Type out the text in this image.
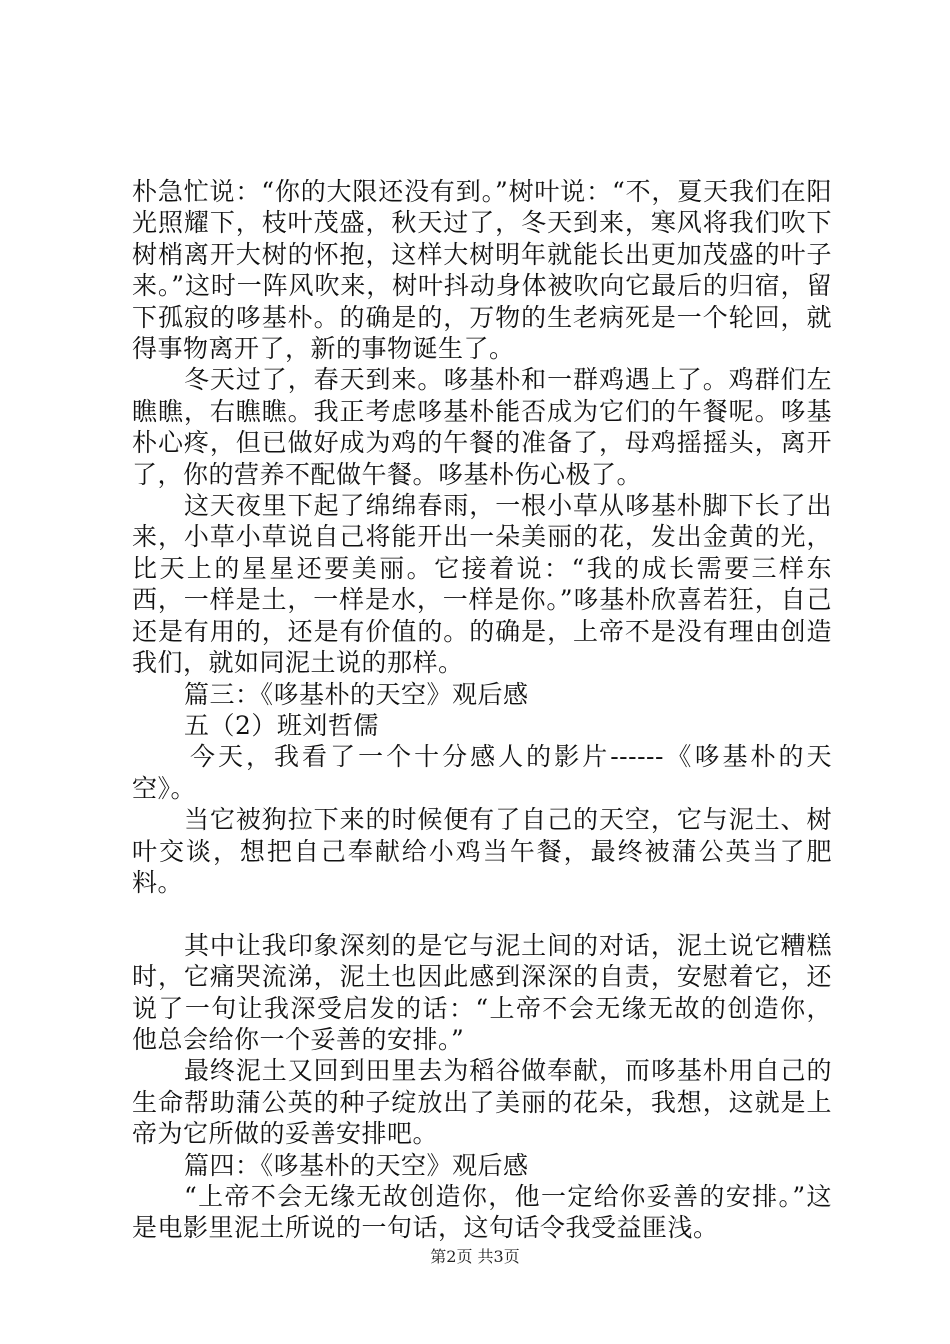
朴急忙说：“你的大限还没有到。”树叶说：“不，夏天我们在阳光照耀下，枝叶茂盛，秋天过了，冬天到来，寒风将我们吹下树梢离开大树的怀抱，这样大树明年就能长出更加茂盛的叶子来。”这时一阵风吹来，树叶抖动身体被吹向它最后的归宿，留下孤寂的哆基朴。的确是的，万物的生老病死是一个轮回，就得事物离开了，新的事物诞生了。

冬天过了，春天到来。哆基朴和一群鸡遇上了。鸡群们左瞧瞧，右瞧瞧。我正考虑哆基朴能否成为它们的午餐呢。哆基朴心疼，但已做好成为鸡的午餐的准备了，母鸡摇摇头，离开了，你的营养不配做午餐。哆基朴伤心极了。

这天夜里下起了绵绵春雨，一根小草从哆基朴脚下长了出来，小草小草说自己将能开出一朵美丽的花，发出金黄的光，比天上的星星还要美丽。它接着说：“我的成长需要三样东西，一样是土，一样是水，一样是你。”哆基朴欣喜若狂，自己还是有用的，还是有价值的。的确是，上帝不是没有理由创造我们，就如同泥土说的那样。

篇三：《哆基朴的天空》观后感

五（2）班刘哲儒

今天，我看了一个十分感人的影片------《哆基朴的天空》。

当它被狗拉下来的时候便有了自己的天空，它与泥土、树叶交谈，想把自己奉献给小鸡当午餐，最终被蒲公英当了肥料。

其中让我印象深刻的是它与泥土间的对话，泥土说它糟糕时，它痛哭流涕，泥土也因此感到深深的自责，安慰着它，还说了一句让我深受启发的话：“上帝不会无缘无故的创造你，他总会给你一个妥善的安排。”

最终泥土又回到田里去为稻谷做奉献，而哆基朴用自己的生命帮助蒲公英的种子绽放出了美丽的花朵，我想，这就是上帝为它所做的妥善安排吧。

篇四：《哆基朴的天空》观后感

“上帝不会无缘无故创造你，他一定给你妥善的安排。”这是电影里泥土所说的一句话，这句话令我受益匪浅。

第2页 共3页
